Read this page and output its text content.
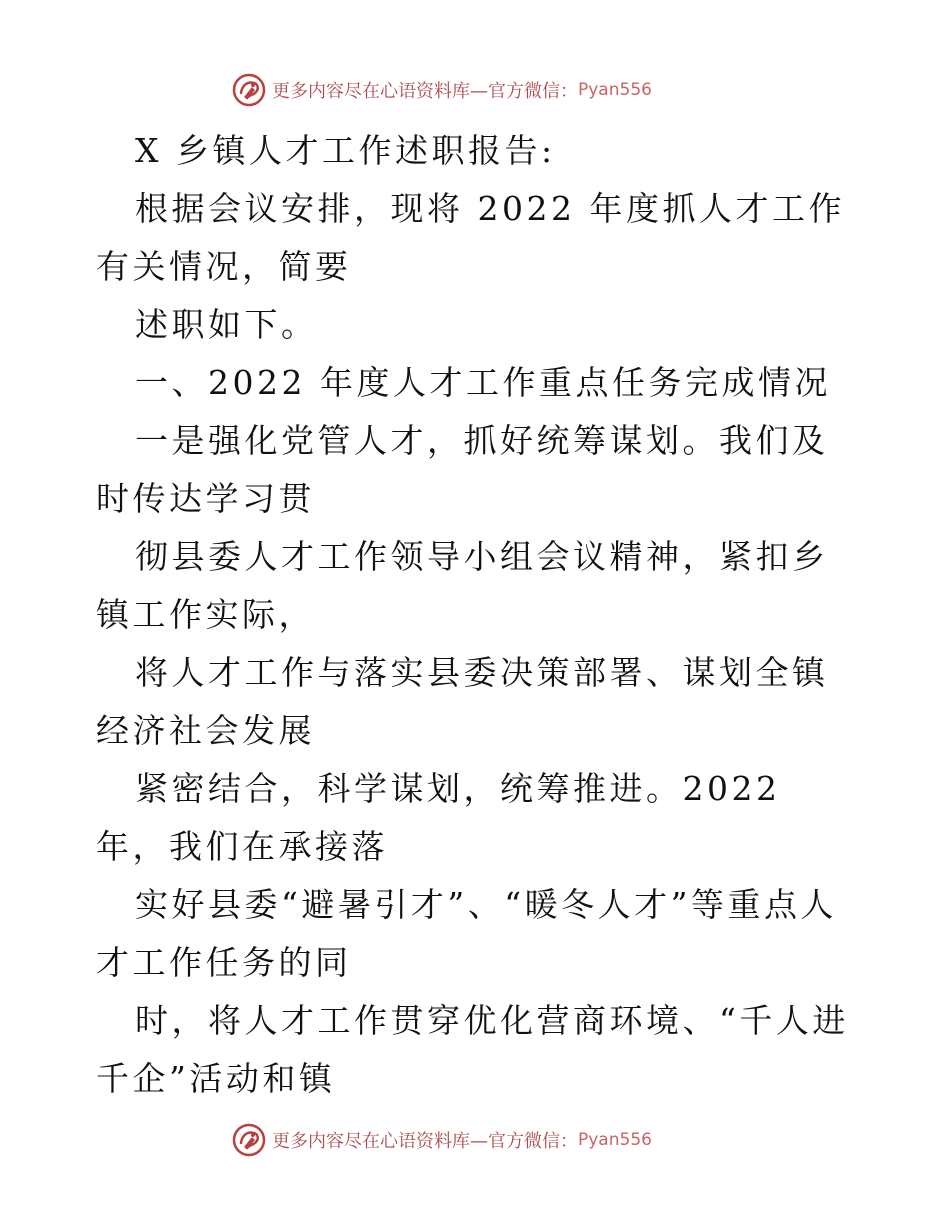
更多内容尽在心语资料库—官方微信： Pyan556

X 乡镇人才工作述职报告:

根据会议安排，现将 2022 年度抓人才工作有关情况，简要

述职如下。

一、2022 年度人才工作重点任务完成情况

一是强化党管人才，抓好统筹谋划。我们及时传达学习贯

彻县委人才工作领导小组会议精神，紧扣乡镇工作实际，

将人才工作与落实县委决策部署、谋划全镇经济社会发展

紧密结合，科学谋划，统筹推进。2022 年，我们在承接落

实好县委“避暑引才”、“暖冬人才”等重点人才工作任务的同

时，将人才工作贯穿优化营商环境、“千人进千企”活动和镇

更多内容尽在心语资料库—官方微信： Pyan556
